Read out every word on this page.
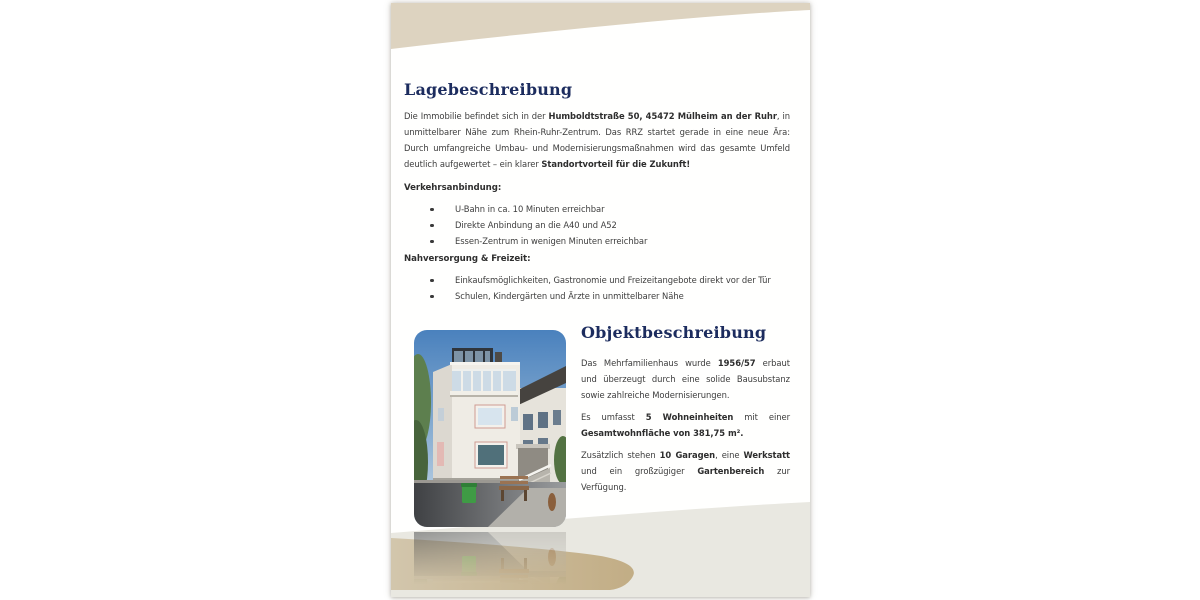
Lagebeschreibung

Die Immobilie befindet sich in der Humboldtstraße 50, 45472 Mülheim an der Ruhr, in unmittelbarer Nähe zum Rhein-Ruhr-Zentrum. Das RRZ startet gerade in eine neue Ära: Durch umfangreiche Umbau- und Modernisierungsmaßnahmen wird das gesamte Umfeld deutlich aufgewertet – ein klarer Standortvorteil für die Zukunft!

Verkehrsanbindung:
U-Bahn in ca. 10 Minuten erreichbar
Direkte Anbindung an die A40 und A52
Essen-Zentrum in wenigen Minuten erreichbar
Nahversorgung & Freizeit:
Einkaufsmöglichkeiten, Gastronomie und Freizeitangebote direkt vor der Tür
Schulen, Kindergärten und Ärzte in unmittelbarer Nähe
Objektbeschreibung

Das Mehrfamilienhaus wurde 1956/57 erbaut und überzeugt durch eine solide Bausubstanz sowie zahlreiche Modernisierungen.

Es umfasst 5 Wohneinheiten mit einer Gesamtwohnfläche von 381,75 m².

Zusätzlich stehen 10 Garagen, eine Werkstatt und ein großzügiger Gartenbereich zur Verfügung.
